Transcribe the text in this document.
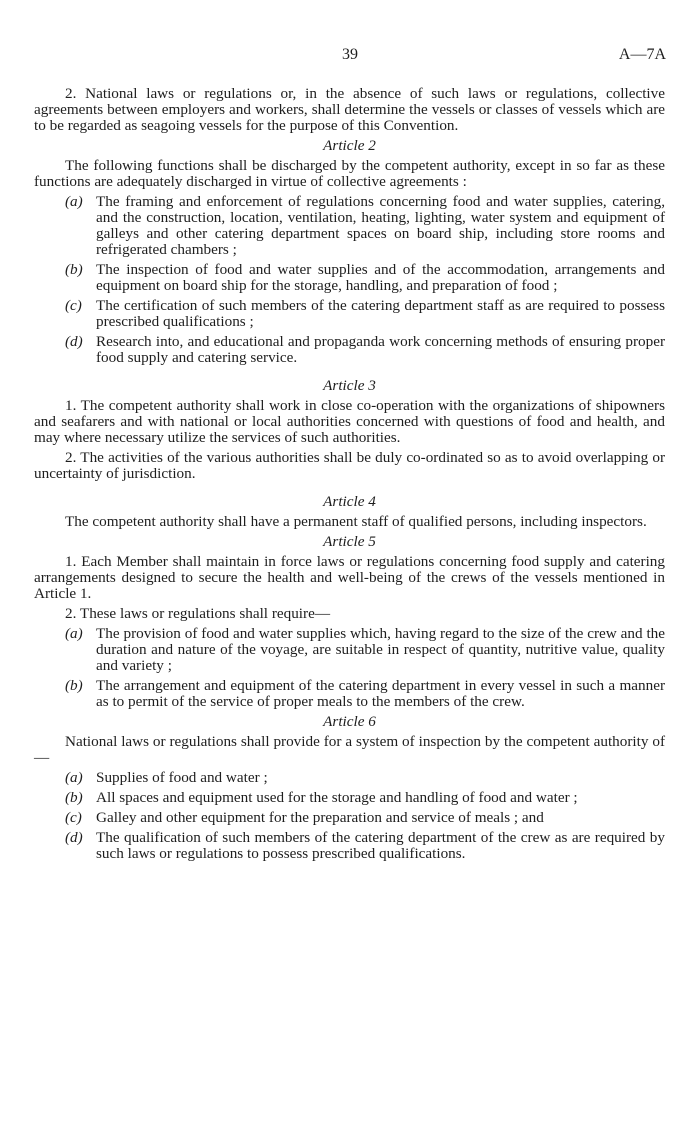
39	A—7A

2. National laws or regulations or, in the absence of such laws or regulations, collective agreements between employers and workers, shall determine the vessels or classes of vessels which are to be regarded as seagoing vessels for the purpose of this Convention.

Article 2

The following functions shall be discharged by the competent authority, except in so far as these functions are adequately discharged in virtue of collective agreements :

(a) The framing and enforcement of regulations concerning food and water supplies, catering, and the construction, location, ventilation, heating, lighting, water system and equipment of galleys and other catering department spaces on board ship, including store rooms and refrigerated chambers ;

(b) The inspection of food and water supplies and of the accommodation, arrangements and equipment on board ship for the storage, handling, and preparation of food ;

(c) The certification of such members of the catering department staff as are required to possess prescribed qualifications ;

(d) Research into, and educational and propaganda work concerning methods of ensuring proper food supply and catering service.

Article 3

1. The competent authority shall work in close co-operation with the organizations of shipowners and seafarers and with national or local authorities concerned with questions of food and health, and may where necessary utilize the services of such authorities.

2. The activities of the various authorities shall be duly co-ordinated so as to avoid overlapping or uncertainty of jurisdiction.

Article 4

The competent authority shall have a permanent staff of qualified persons, including inspectors.

Article 5

1. Each Member shall maintain in force laws or regulations concerning food supply and catering arrangements designed to secure the health and well-being of the crews of the vessels mentioned in Article 1.

2. These laws or regulations shall require—

(a) The provision of food and water supplies which, having regard to the size of the crew and the duration and nature of the voyage, are suitable in respect of quantity, nutritive value, quality and variety ;

(b) The arrangement and equipment of the catering department in every vessel in such a manner as to permit of the service of proper meals to the members of the crew.

Article 6

National laws or regulations shall provide for a system of inspection by the competent authority of—

(a) Supplies of food and water ;

(b) All spaces and equipment used for the storage and handling of food and water ;

(c) Galley and other equipment for the preparation and service of meals ; and

(d) The qualification of such members of the catering department of the crew as are required by such laws or regulations to possess prescribed qualifications.
